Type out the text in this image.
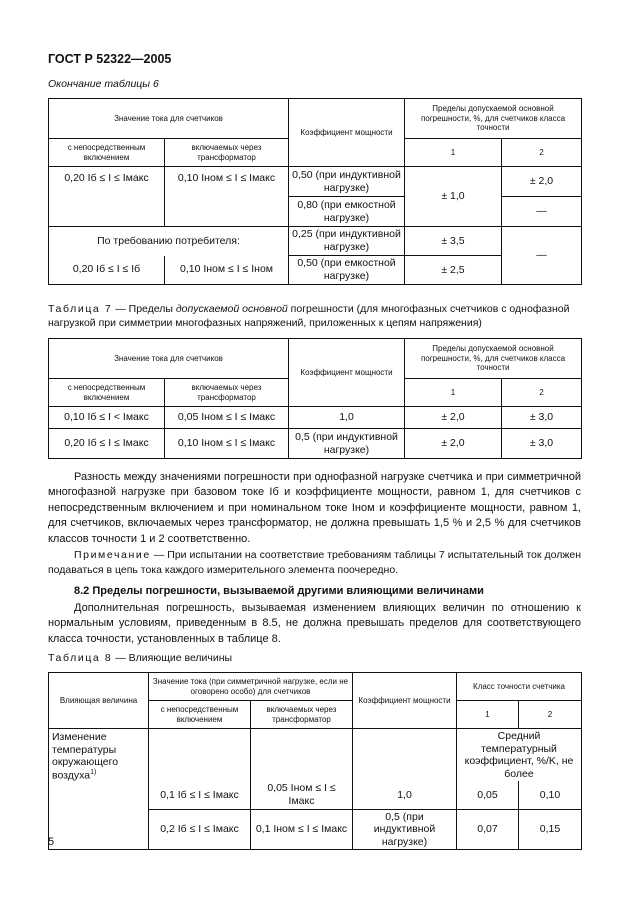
ГОСТ Р 52322—2005
Окончание таблицы 6
Значение тока для счетчиков		Коэффициент мощности	Пределы допускаемой основной погрешности, %, для счетчиков класса точности	
с непосредственным включением	включаемых через трансформатор		1	2
0,20 Iб ≤ I ≤ Iмакс	0,10 Iном ≤ I ≤ Iмакс	0,50 (при индуктивной нагрузке)	± 1,0	± 2,0
		0,80 (при емкостной нагрузке)		—
По требованию потребителя:		0,25 (при индуктивной нагрузке)	± 3,5	—
0,20 Iб ≤ I ≤ Iб	0,10 Iном ≤ I ≤ Iном	0,50 (при емкостной нагрузке)	± 2,5	
Таблица 7 — Пределы допускаемой основной погрешности (для многофазных счетчиков с однофазной нагрузкой при симметрии многофазных напряжений, приложенных к цепям напряжения)
Значение тока для счетчиков		Коэффициент мощности	Пределы допускаемой основной погрешности, %, для счетчиков класса точности	
с непосредственным включением	включаемых через трансформатор		1	2
0,10 Iб ≤ I < Iмакс	0,05 Iном ≤ I ≤ Iмакс	1,0	± 2,0	± 3,0
0,20 Iб ≤ I ≤ Iмакс	0,10 Iном ≤ I ≤ Iмакс	0,5 (при индуктивной нагрузке)	± 2,0	± 3,0
Разность между значениями погрешности при однофазной нагрузке счетчика и при симметричной многофазной нагрузке при базовом токе Iб и коэффициенте мощности, равном 1, для счетчиков с непосредственным включением и при номинальном токе Iном и коэффициенте мощности, равном 1, для счетчиков, включаемых через трансформатор, не должна превышать 1,5 % и 2,5 % для счетчиков классов точности 1 и 2 соответственно.
Примечание — При испытании на соответствие требованиям таблицы 7 испытательный ток должен подаваться в цепь тока каждого измерительного элемента поочередно.
8.2 Пределы погрешности, вызываемой другими влияющими величинами
Дополнительная погрешность, вызываемая изменением влияющих величин по отношению к нормальным условиям, приведенным в 8.5, не должна превышать пределов для соответствующего класса точности, установленных в таблице 8.
Таблица 8 — Влияющие величины
Влияющая величина	Значение тока (при симметричной нагрузке, если не оговорено особо) для счетчиков		Коэффициент мощности	Класс точности счетчика	
	с непосредственным включением	включаемых через трансформатор		1	2
Изменение температуры окружающего воздуха$^{1)}$				Средний температурный коэффициент, %/K, не более	
	0,1 Iб ≤ I ≤ Iмакс	0,05 Iном ≤ I ≤ Iмакс	1,0	0,05	0,10
	0,2 Iб ≤ I ≤ Iмакс	0,1 Iном ≤ I ≤ Iмакс	0,5 (при индуктивной нагрузке)	0,07	0,15
5
